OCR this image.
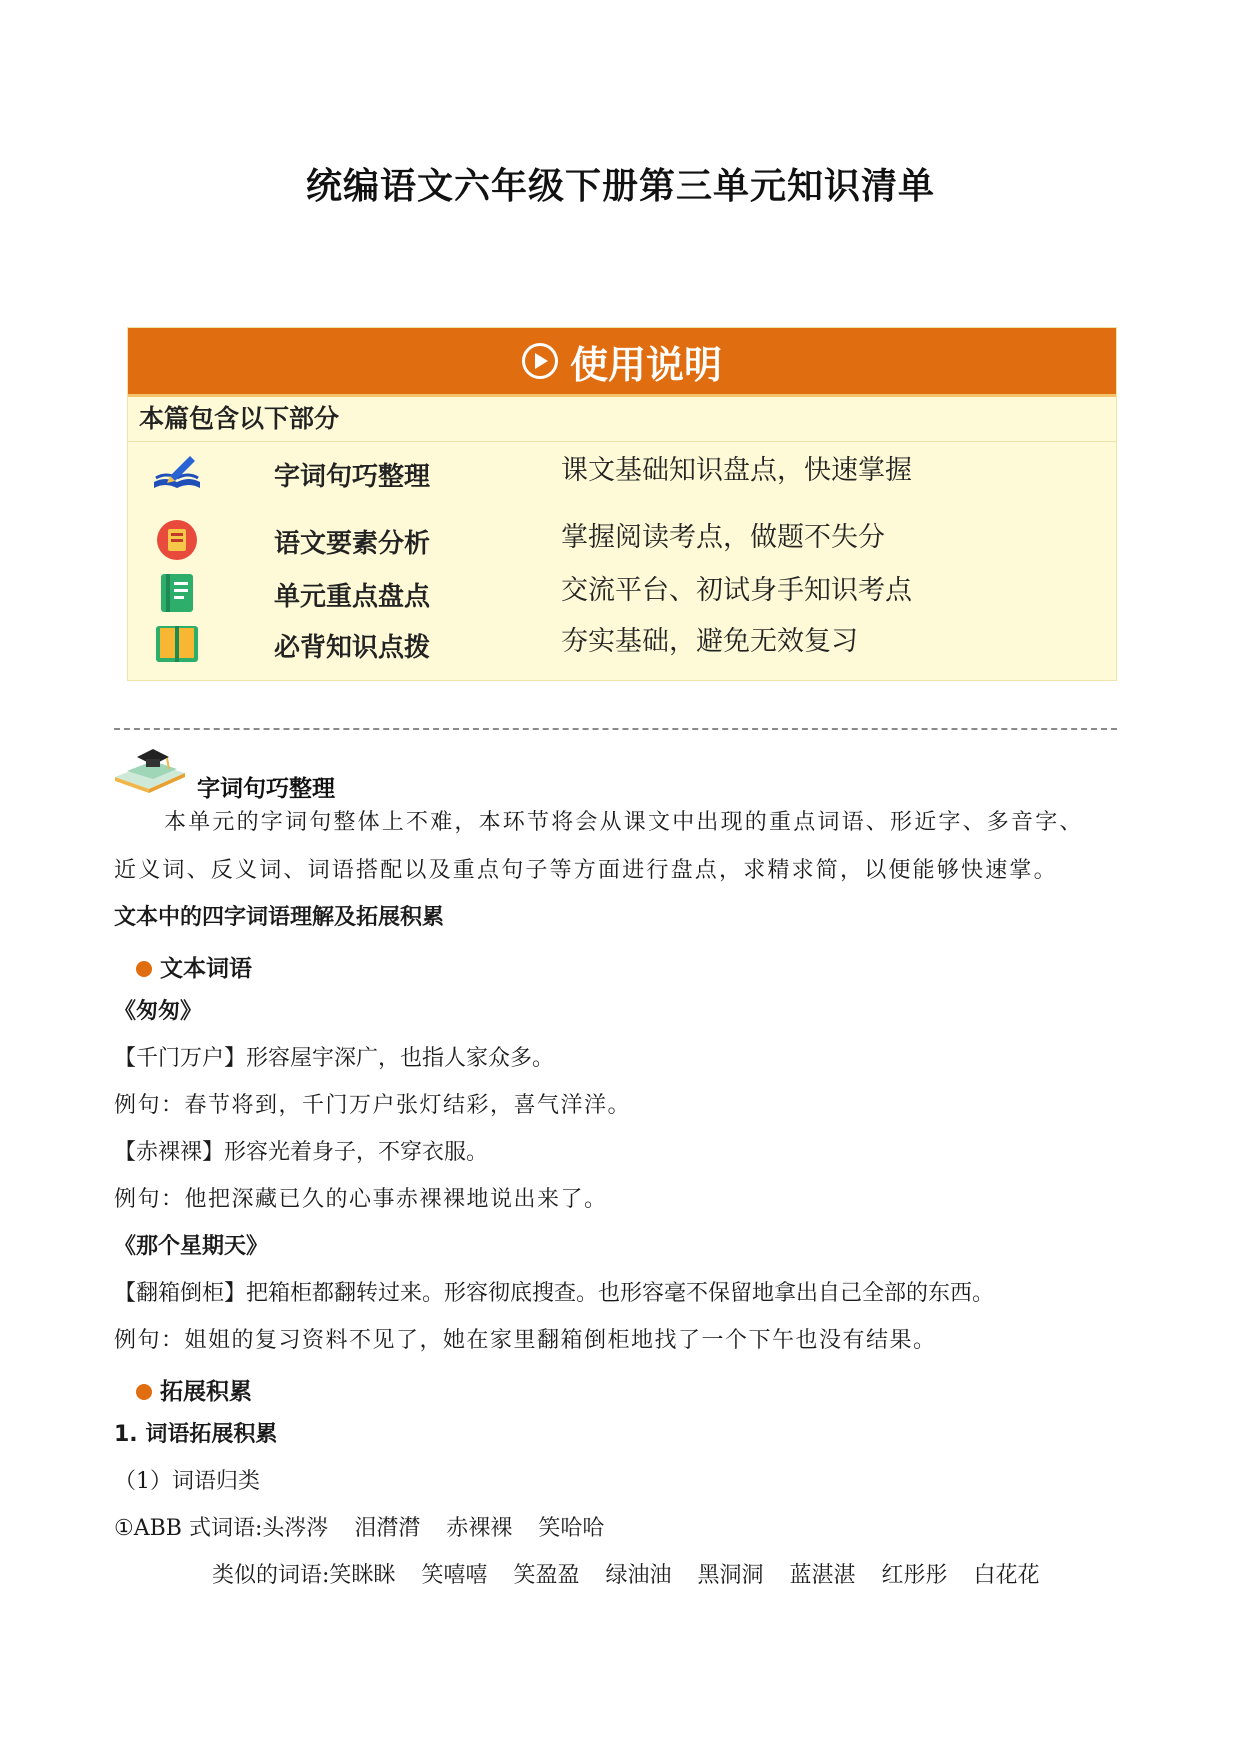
统编语文六年级下册第三单元知识清单
使用说明
本篇包含以下部分
字词句巧整理	课文基础知识盘点，快速掌握
语文要素分析	掌握阅读考点，做题不失分
单元重点盘点	交流平台、初试身手知识考点
必背知识点拨	夯实基础，避免无效复习
字词句巧整理
本单元的字词句整体上不难，本环节将会从课文中出现的重点词语、形近字、多音字、
近义词、反义词、词语搭配以及重点句子等方面进行盘点，求精求简，以便能够快速掌。
文本中的四字词语理解及拓展积累
文本词语
《匆匆》
【千门万户】形容屋宇深广，也指人家众多。
例句：春节将到，千门万户张灯结彩，喜气洋洋。
【赤裸裸】形容光着身子，不穿衣服。
例句：他把深藏已久的心事赤裸裸地说出来了。
《那个星期天》
【翻箱倒柜】把箱柜都翻转过来。形容彻底搜查。也形容毫不保留地拿出自己全部的东西。
例句：姐姐的复习资料不见了，她在家里翻箱倒柜地找了一个下午也没有结果。
拓展积累
1. 词语拓展积累
（1）词语归类
①ABB 式词语:头涔涔 泪潸潸 赤裸裸 笑哈哈
类似的词语:笑眯眯 笑嘻嘻 笑盈盈 绿油油 黑洞洞 蓝湛湛 红彤彤 白花花
